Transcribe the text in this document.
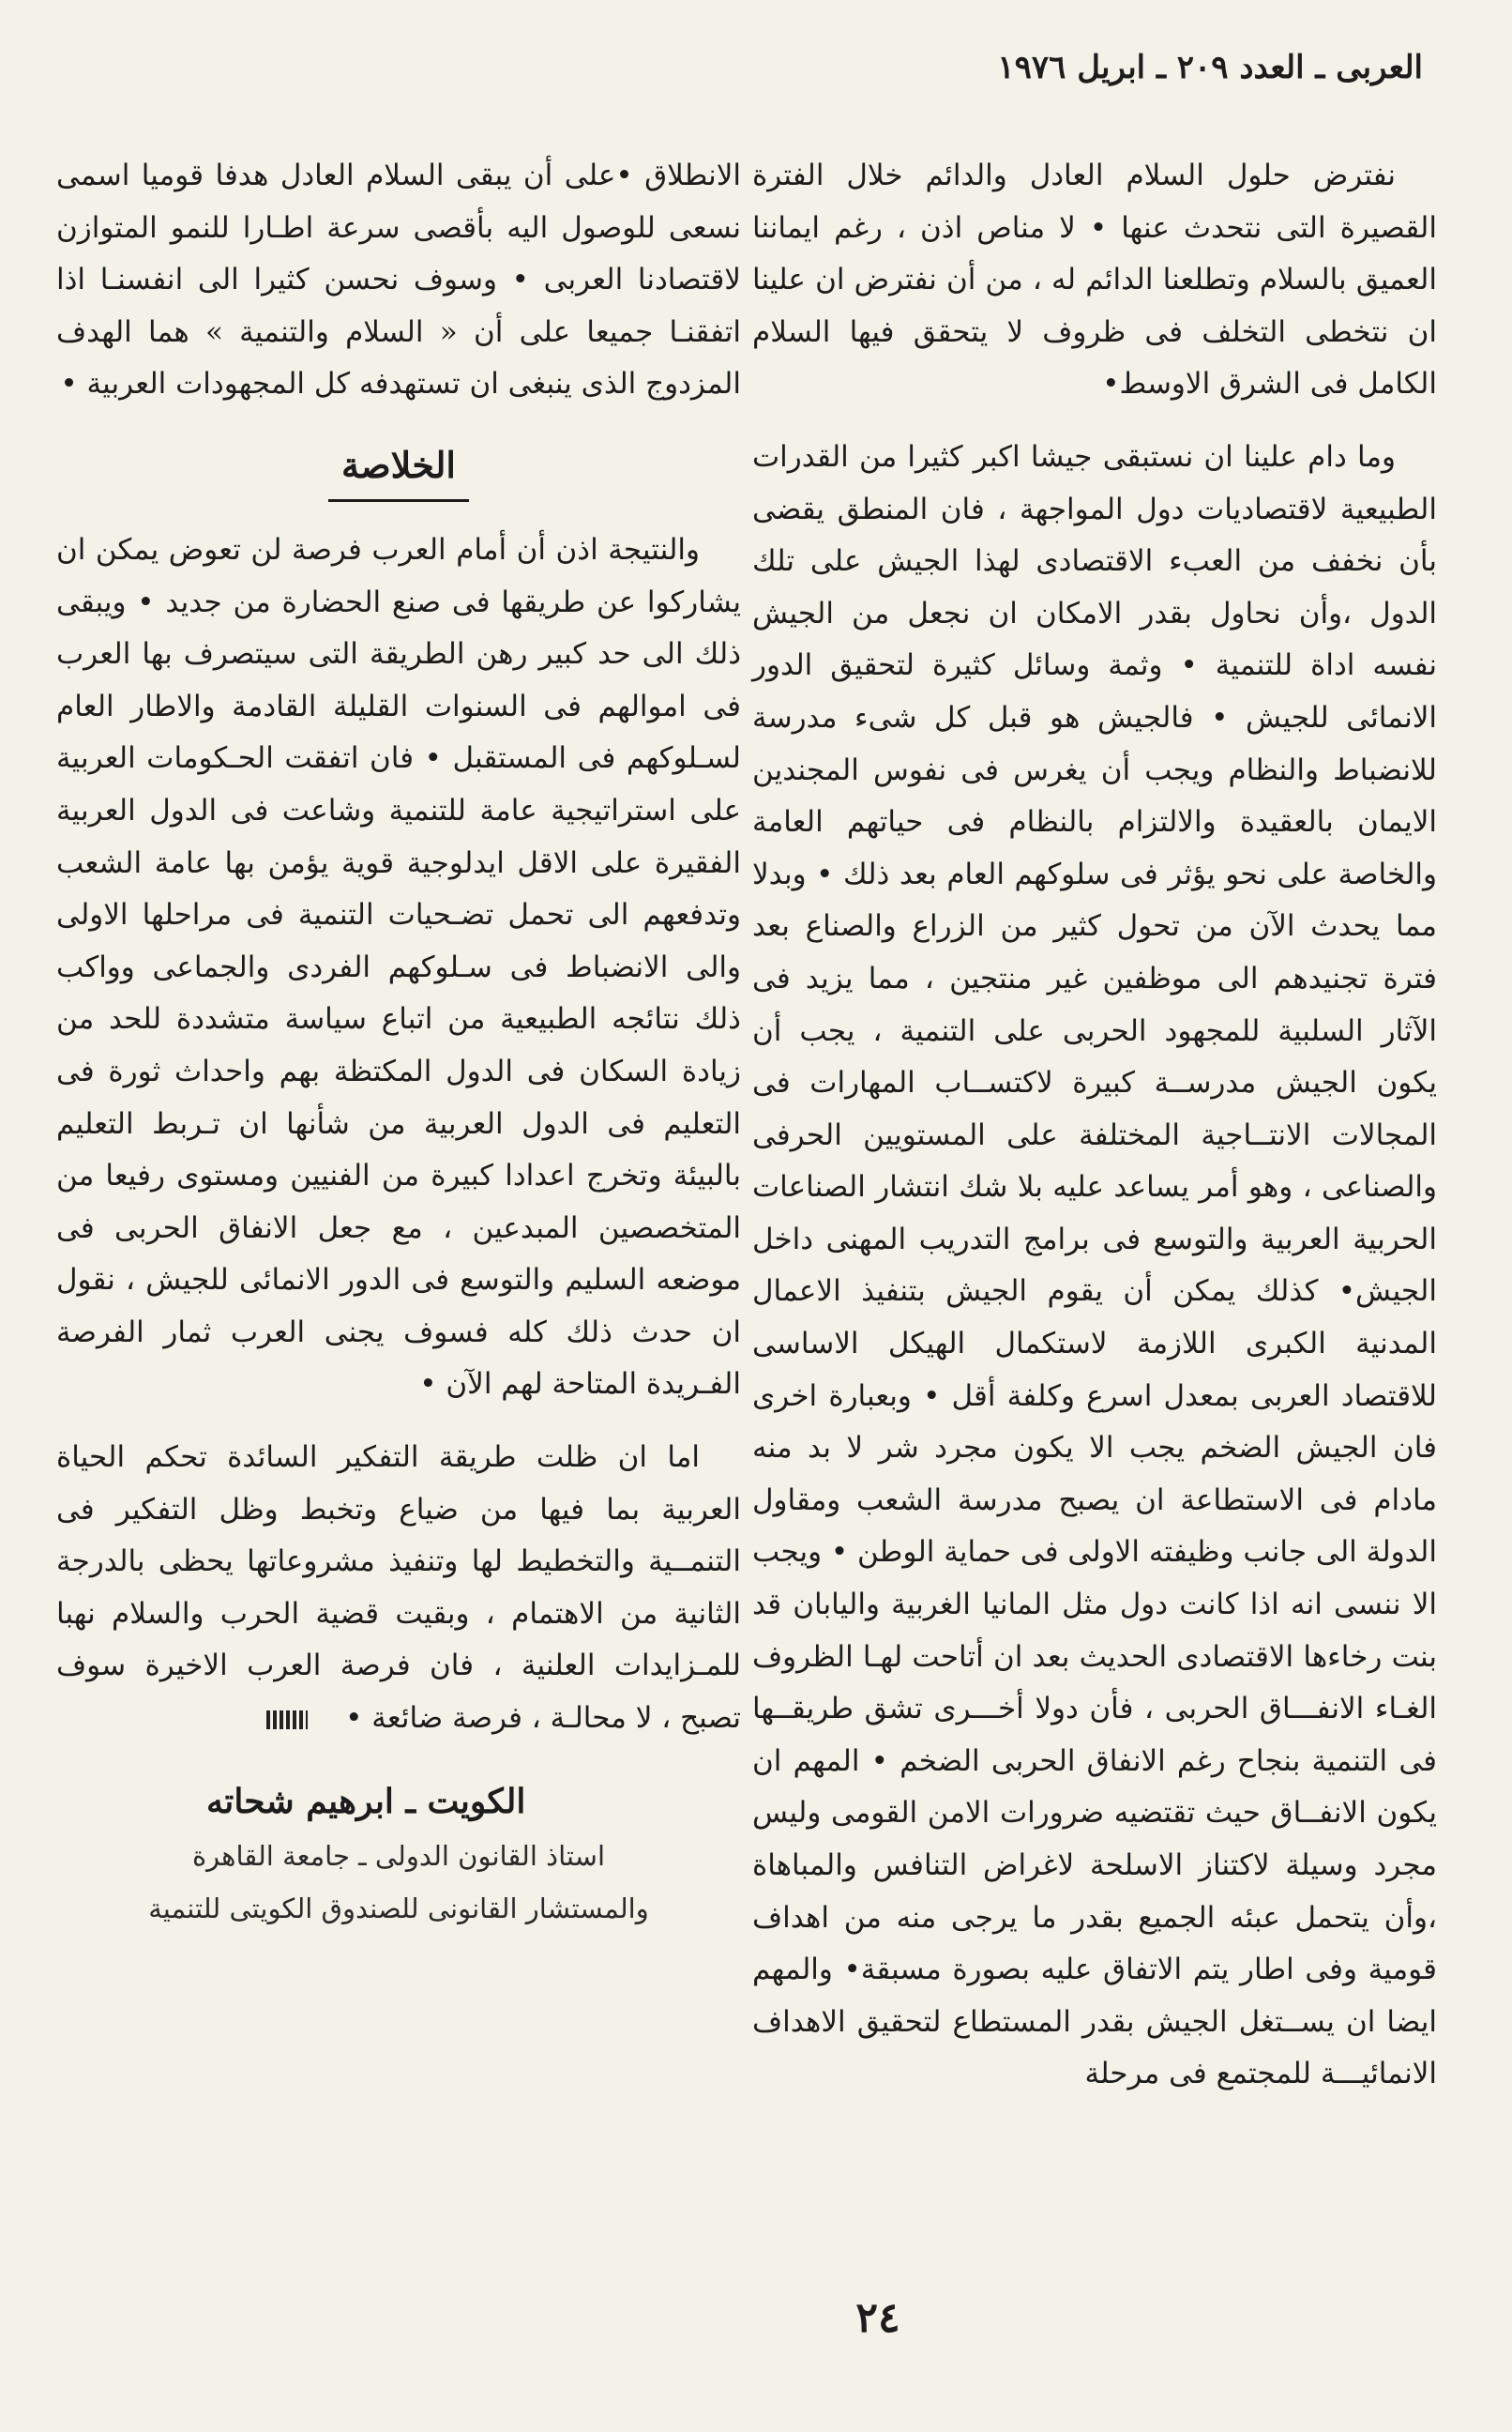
العربى ـ العدد ٢٠٩ ـ ابريل ١٩٧٦

نفترض حلول السلام العادل والدائم خلال الفترة القصيرة التى نتحدث عنها • لا مناص اذن ، رغم ايماننا العميق بالسلام وتطلعنا الدائم له ، من أن نفترض ان علينا ان نتخطى التخلف فى ظروف لا يتحقق فيها السلام الكامل فى الشرق الاوسط•

وما دام علينا ان نستبقى جيشا اكبر كثيرا من القدرات الطبيعية لاقتصاديات دول المواجهة ، فان المنطق يقضى بأن نخفف من العبء الاقتصادى لهذا الجيش على تلك الدول ،وأن نحاول بقدر الامكان ان نجعل من الجيش نفسه اداة للتنمية • وثمة وسائل كثيرة لتحقيق الدور الانمائى للجيش • فالجيش هو قبل كل شىء مدرسة للانضباط والنظام ويجب أن يغرس فى نفوس المجندين الايمان بالعقيدة والالتزام بالنظام فى حياتهم العامة والخاصة على نحو يؤثر فى سلوكهم العام بعد ذلك • وبدلا مما يحدث الآن من تحول كثير من الزراع والصناع بعد فترة تجنيدهم الى موظفين غير منتجين ، مما يزيد فى الآثار السلبية للمجهود الحربى على التنمية ، يجب أن يكون الجيش مدرســة كبيرة لاكتســاب المهارات فى المجالات الانتــاجية المختلفة على المستويين الحرفى والصناعى ، وهو أمر يساعد عليه بلا شك انتشار الصناعات الحربية العربية والتوسع فى برامج التدريب المهنى داخل الجيش• كذلك يمكن أن يقوم الجيش بتنفيذ الاعمال المدنية الكبرى اللازمة لاستكمال الهيكل الاساسى للاقتصاد العربى بمعدل اسرع وكلفة أقل • وبعبارة اخرى فان الجيش الضخم يجب الا يكون مجرد شر لا بد منه مادام فى الاستطاعة ان يصبح مدرسة الشعب ومقاول الدولة الى جانب وظيفته الاولى فى حماية الوطن • ويجب الا ننسى انه اذا كانت دول مثل المانيا الغربية واليابان قد بنت رخاءها الاقتصادى الحديث بعد ان أتاحت لهـا الظروف الغـاء الانفـــاق الحربى ، فأن دولا أخـــرى تشق طريقــها فى التنمية بنجاح رغم الانفاق الحربى الضخم • المهم ان يكون الانفــاق حيث تقتضيه ضرورات الامن القومى وليس مجرد وسيلة لاكتناز الاسلحة لاغراض التنافس والمباهاة ،وأن يتحمل عبئه الجميع بقدر ما يرجى منه من اهداف قومية وفى اطار يتم الاتفاق عليه بصورة مسبقة• والمهم ايضا ان يســتغل الجيش بقدر المستطاع لتحقيق الاهداف الانمائيـــة للمجتمع فى مرحلة

الانطلاق •على أن يبقى السلام العادل هدفا قوميا اسمى نسعى للوصول اليه بأقصى سرعة اطـارا للنمو المتوازن لاقتصادنا العربى • وسوف نحسن كثيرا الى انفسنـا اذا اتفقنـا جميعا على أن « السلام والتنمية » هما الهدف المزدوج الذى ينبغى ان تستهدفه كل المجهودات العربية •

الخلاصة

والنتيجة اذن أن أمام العرب فرصة لن تعوض يمكن ان يشاركوا عن طريقها فى صنع الحضارة من جديد • ويبقى ذلك الى حد كبير رهن الطريقة التى سيتصرف بها العرب فى اموالهم فى السنوات القليلة القادمة والاطار العام لسـلوكهم فى المستقبل • فان اتفقت الحـكومات العربية على استراتيجية عامة للتنمية وشاعت فى الدول العربية الفقيرة على الاقل ايدلوجية قوية يؤمن بها عامة الشعب وتدفعهم الى تحمل تضـحيات التنمية فى مراحلها الاولى والى الانضباط فى سـلوكهم الفردى والجماعى وواكب ذلك نتائجه الطبيعية من اتباع سياسة متشددة للحد من زيادة السكان فى الدول المكتظة بهم واحداث ثورة فى التعليم فى الدول العربية من شأنها ان تـربط التعليم بالبيئة وتخرج اعدادا كبيرة من الفنيين ومستوى رفيعا من المتخصصين المبدعين ، مع جعل الانفاق الحربى فى موضعه السليم والتوسع فى الدور الانمائى للجيش ، نقول ان حدث ذلك كله فسوف يجنى العرب ثمار الفرصة الفـريدة المتاحة لهم الآن •

اما ان ظلت طريقة التفكير السائدة تحكم الحياة العربية بما فيها من ضياع وتخبط وظل التفكير فى التنمــية والتخطيط لها وتنفيذ مشروعاتها يحظى بالدرجة الثانية من الاهتمام ، وبقيت قضية الحرب والسلام نهبا للمـزايدات العلنية ، فان فرصة العرب الاخيرة سوف تصبح ، لا محالـة ، فرصة ضائعة •

الكويت ـ ابرهيم شحاته
استاذ القانون الدولى ـ جامعة القاهرة
والمستشار القانونى للصندوق الكويتى للتنمية
٢٤
